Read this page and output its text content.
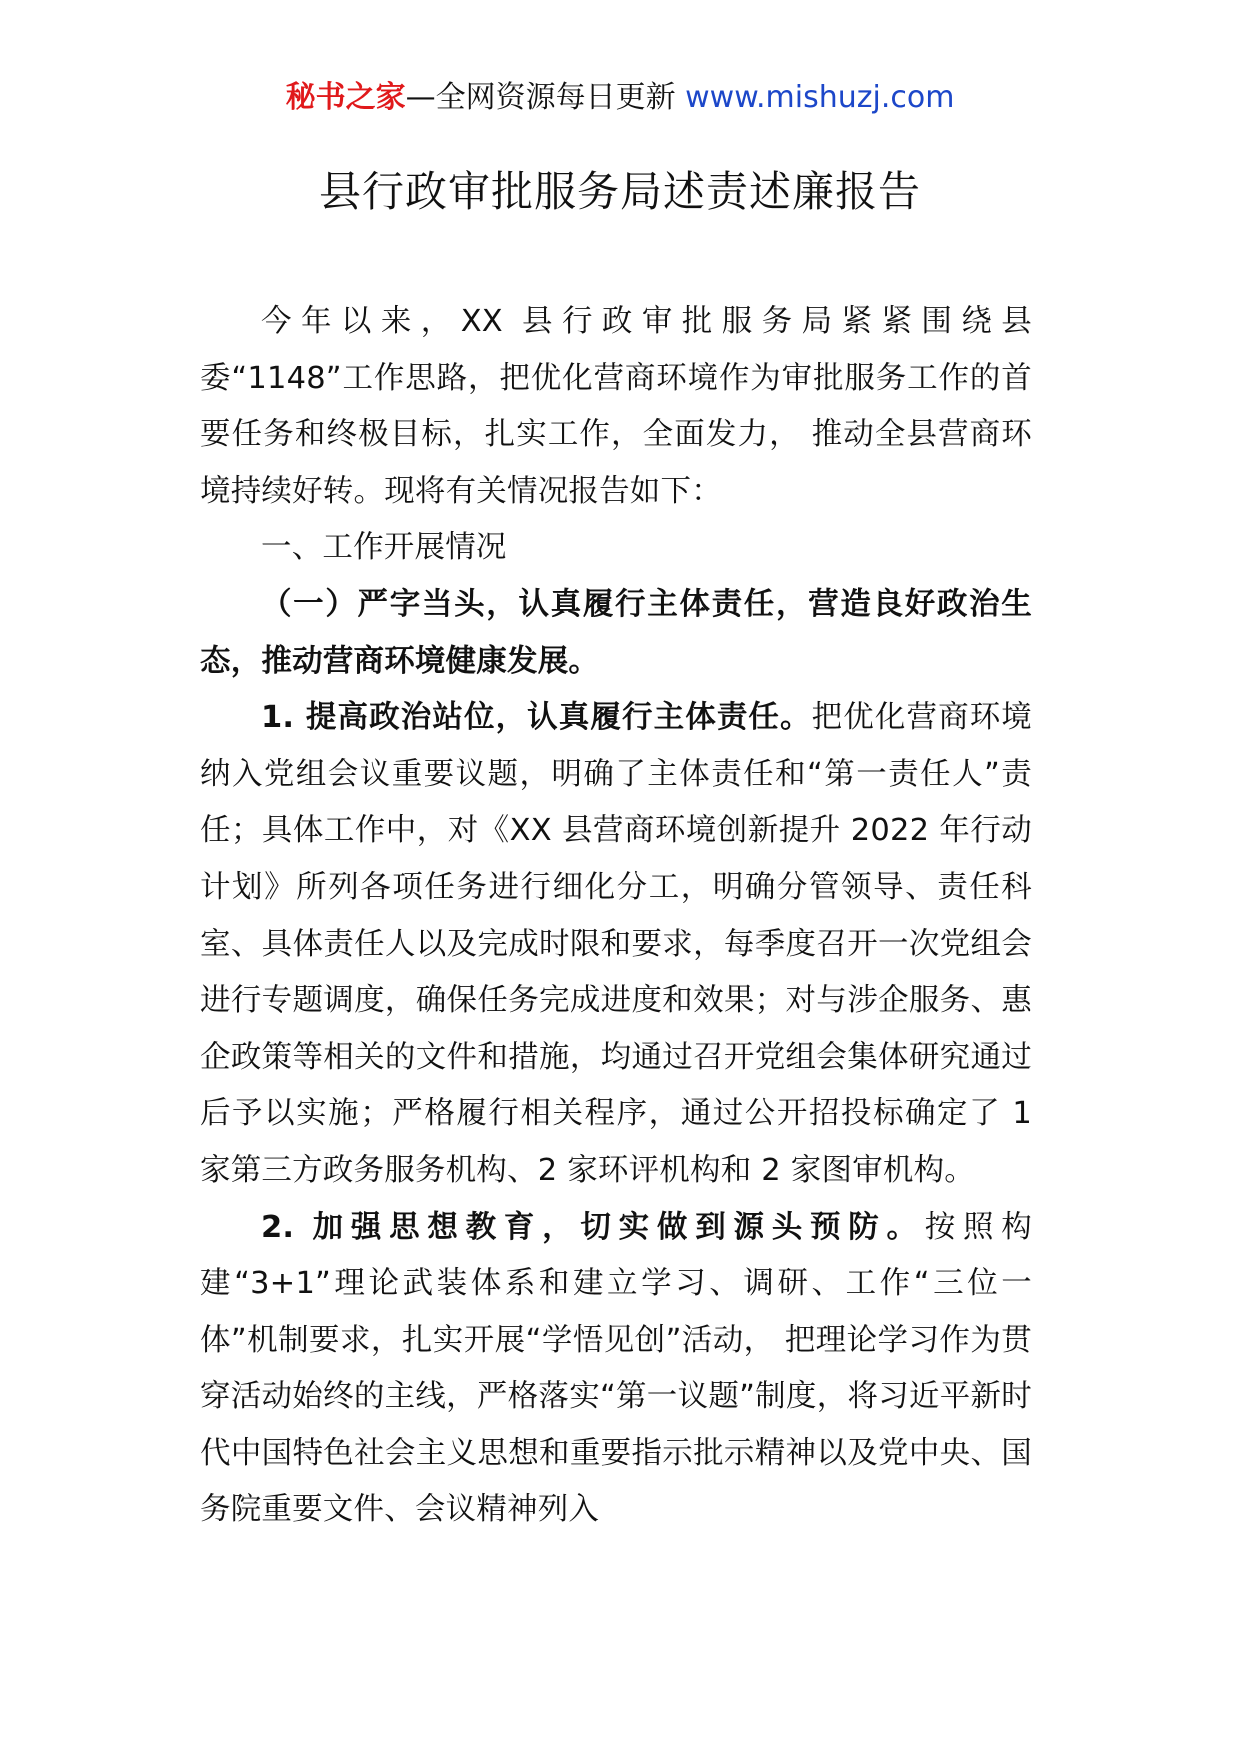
秘书之家—全网资源每日更新 www.mishuzj.com
县行政审批服务局述责述廉报告

今年以来，XX 县行政审批服务局紧紧围绕县委“1148”工作思路，把优化营商环境作为审批服务工作的首要任务和终极目标，扎实工作，全面发力， 推动全县营商环境持续好转。现将有关情况报告如下：

一、工作开展情况

（一）严字当头，认真履行主体责任，营造良好政治生态，推动营商环境健康发展。

1. 提高政治站位，认真履行主体责任。把优化营商环境纳入党组会议重要议题，明确了主体责任和“第一责任人”责任；具体工作中，对《XX 县营商环境创新提升 2022 年行动计划》所列各项任务进行细化分工，明确分管领导、责任科室、具体责任人以及完成时限和要求，每季度召开一次党组会进行专题调度，确保任务完成进度和效果；对与涉企服务、惠企政策等相关的文件和措施，均通过召开党组会集体研究通过后予以实施；严格履行相关程序，通过公开招投标确定了 1 家第三方政务服务机构、2 家环评机构和 2 家图审机构。

2. 加强思想教育，切实做到源头预防。按照构建“3+1”理论武装体系和建立学习、调研、工作“三位一体”机制要求，扎实开展“学悟见创”活动， 把理论学习作为贯穿活动始终的主线，严格落实“第一议题”制度，将习近平新时代中国特色社会主义思想和重要指示批示精神以及党中央、国务院重要文件、会议精神列入
